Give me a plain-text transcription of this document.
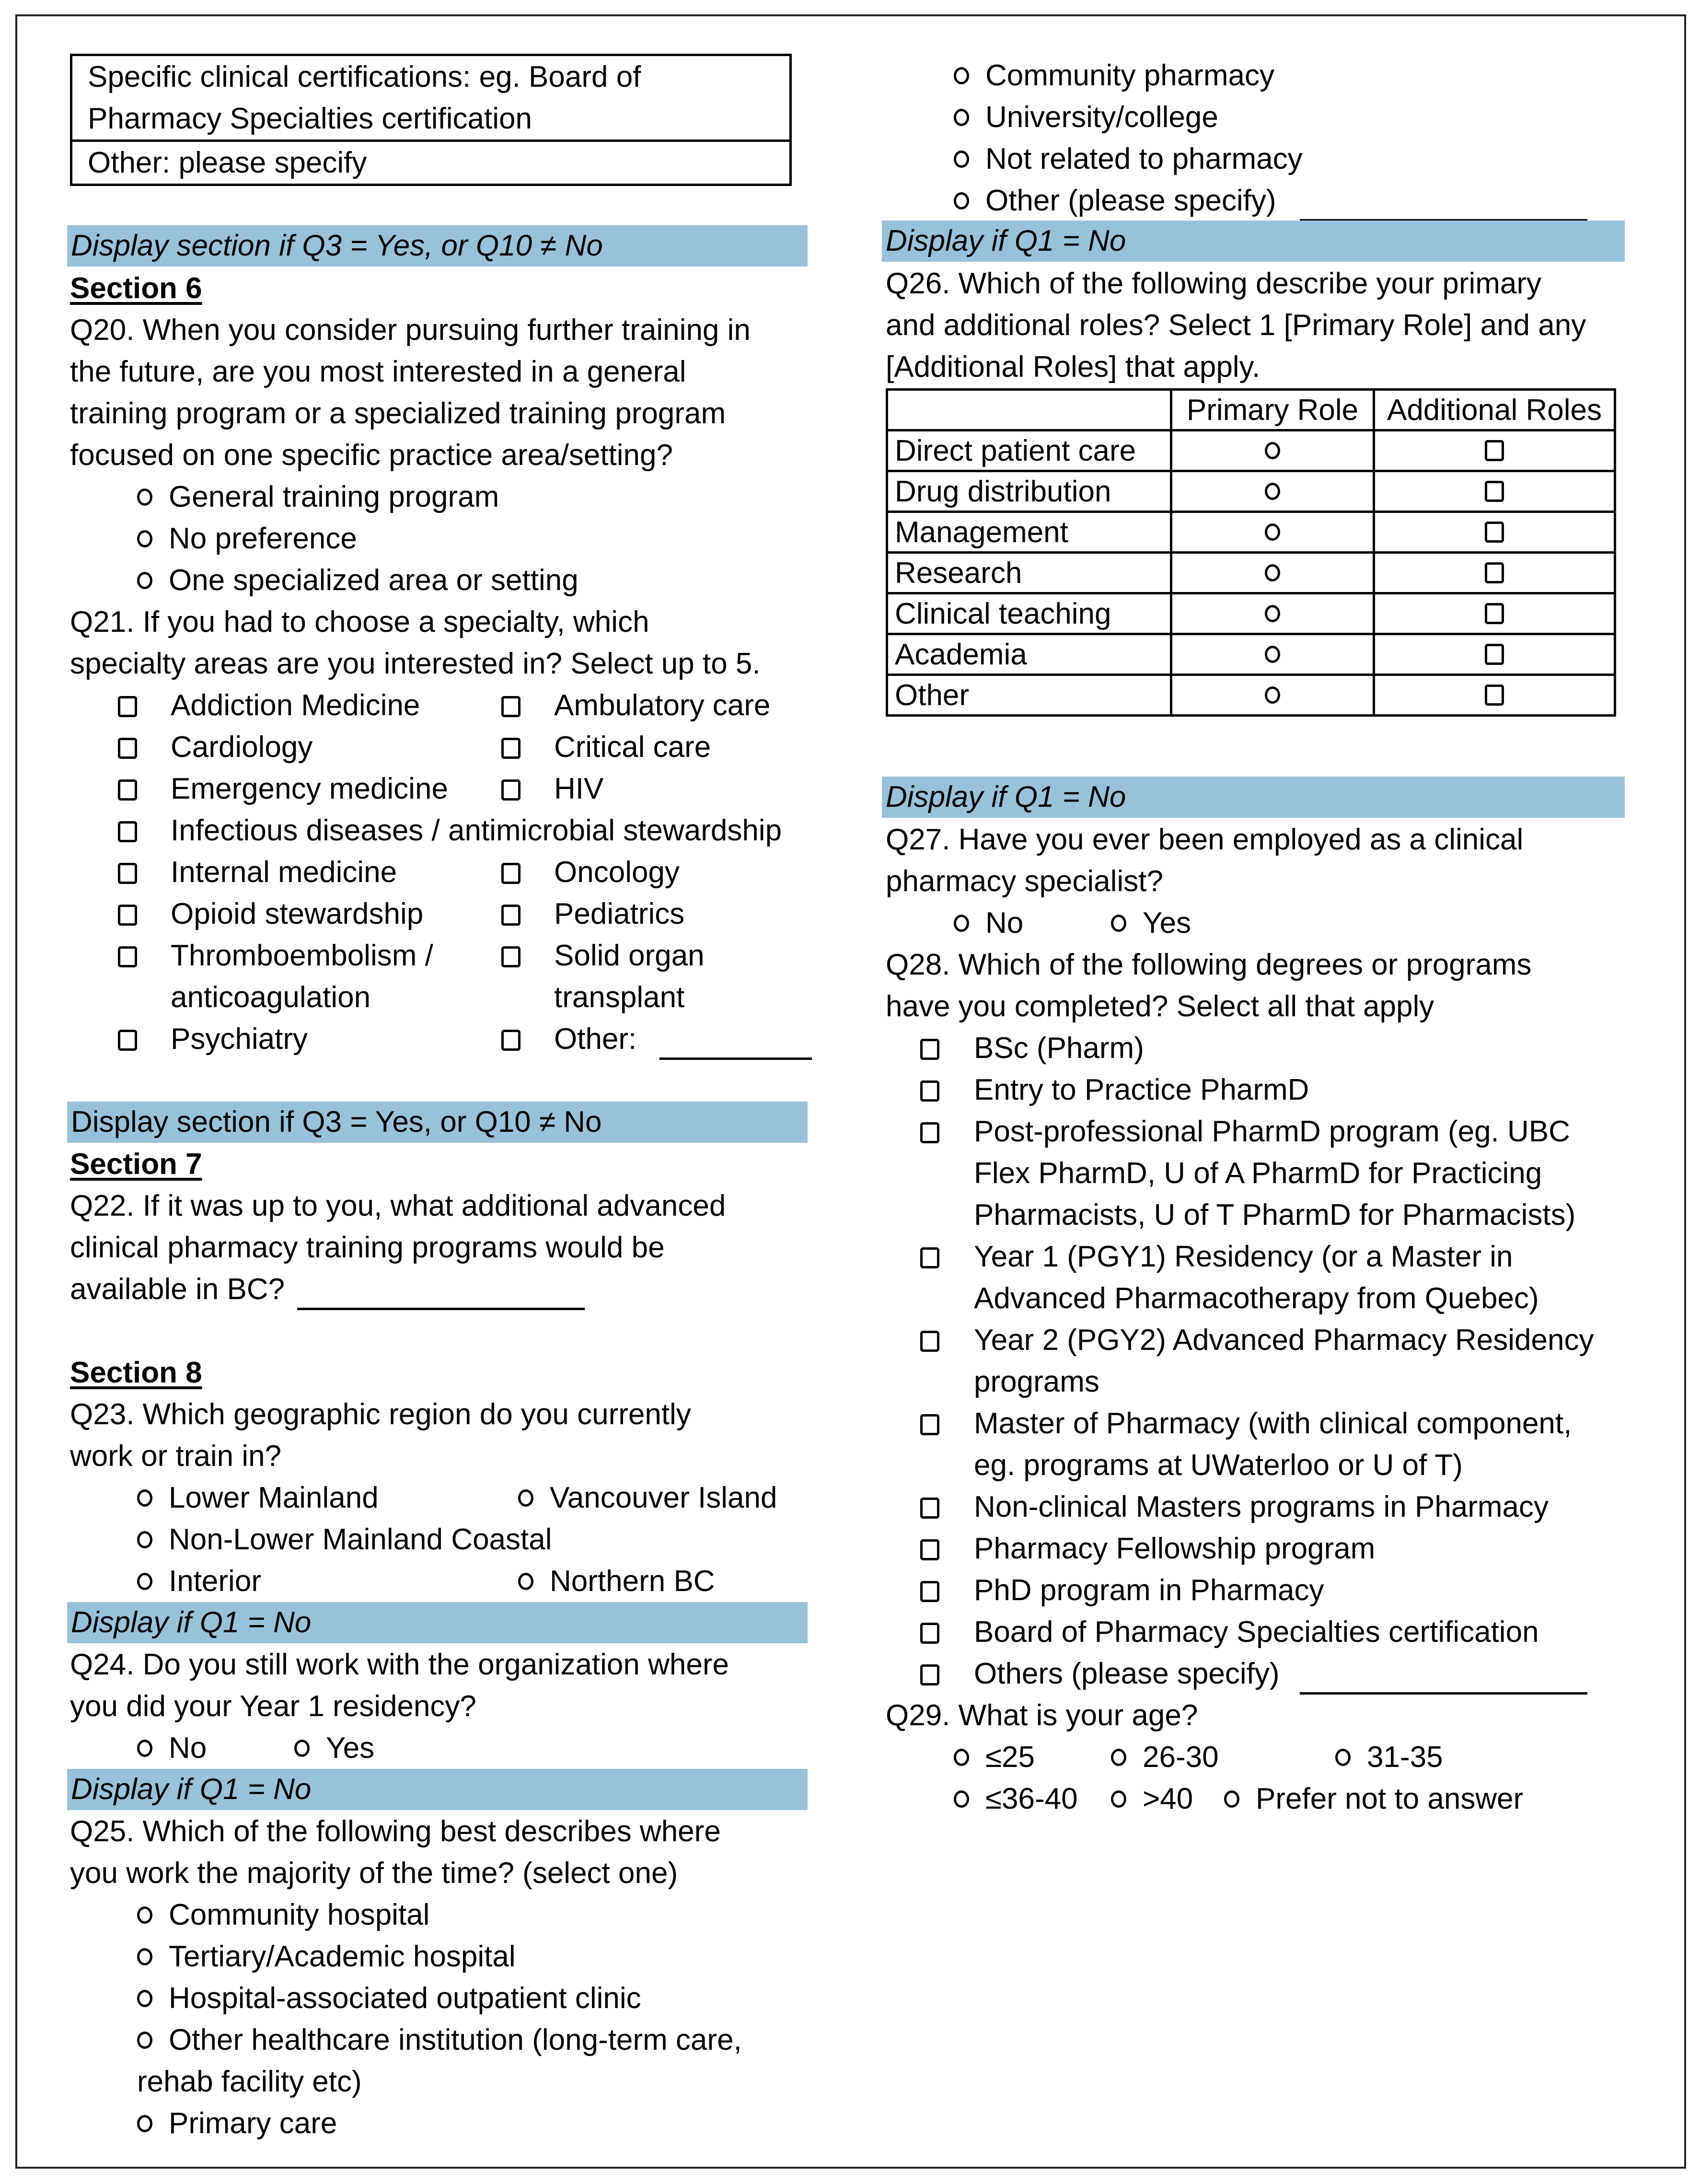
Specific clinical certifications: eg. Board of
Pharmacy Specialties certification

Other: please specify
Display section if Q3 = Yes, or Q10 ≠ No
Section 6
Q20. When you consider pursuing further training in
the future, are you most interested in a general
training program or a specialized training program
focused on one specific practice area/setting?
General training program
No preference
One specialized area or setting
Q21. If you had to choose a specialty, which
specialty areas are you interested in? Select up to 5.
Addiction Medicine
Cardiology
Emergency medicine
Infectious diseases / antimicrobial stewardship
Internal medicine
Opioid stewardship
Thromboembolism /
anticoagulation
Psychiatry
Ambulatory care
Critical care
HIV
Oncology
Pediatrics
Solid organ
transplant
Other:
Display section if Q3 = Yes, or Q10 ≠ No
Section 7
Q22. If it was up to you, what additional advanced
clinical pharmacy training programs would be
available in BC?
Section 8
Q23. Which geographic region do you currently
work or train in?
Lower Mainland	Vancouver Island
Non-Lower Mainland Coastal
Interior	Northern BC
Display if Q1 = No
Q24. Do you still work with the organization where
you did your Year 1 residency?
No	Yes
Display if Q1 = No
Q25. Which of the following best describes where
you work the majority of the time? (select one)
Community hospital
Tertiary/Academic hospital
Hospital-associated outpatient clinic
Other healthcare institution (long-term care,
rehab facility etc)
Primary care
Community pharmacy
University/college
Not related to pharmacy
Other (please specify)
Display if Q1 = No
Q26. Which of the following describe your primary
and additional roles? Select 1 [Primary Role] and any
[Additional Roles] that apply.
	Primary Role	Additional Roles
Direct patient care		
Drug distribution		
Management		
Research		
Clinical teaching		
Academia		
Other		
Display if Q1 = No
Q27. Have you ever been employed as a clinical
pharmacy specialist?
No	Yes
Q28. Which of the following degrees or programs
have you completed? Select all that apply
BSc (Pharm)
Entry to Practice PharmD
Post-professional PharmD program (eg. UBC
Flex PharmD, U of A PharmD for Practicing
Pharmacists, U of T PharmD for Pharmacists)
Year 1 (PGY1) Residency (or a Master in
Advanced Pharmacotherapy from Quebec)
Year 2 (PGY2) Advanced Pharmacy Residency
programs
Master of Pharmacy (with clinical component,
eg. programs at UWaterloo or U of T)
Non-clinical Masters programs in Pharmacy
Pharmacy Fellowship program
PhD program in Pharmacy
Board of Pharmacy Specialties certification
Others (please specify)
Q29. What is your age?
≤25	26-30	31-35
≤36-40	>40	Prefer not to answer
